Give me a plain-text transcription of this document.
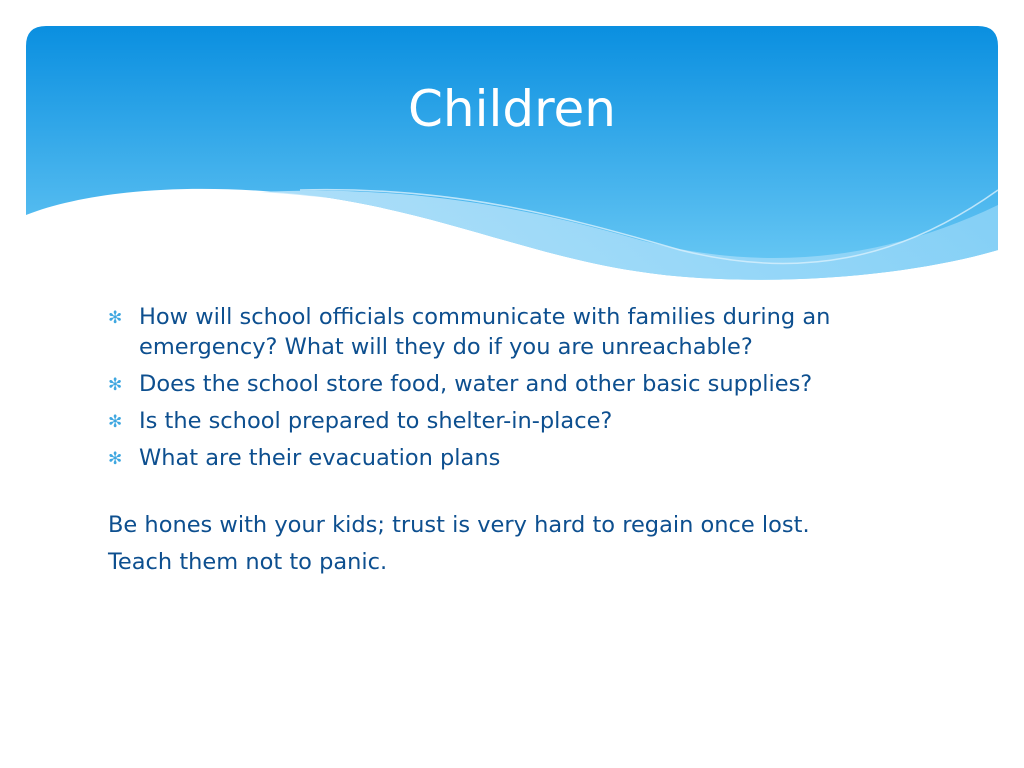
Children
✻ How will school officials communicate with families during an emergency? What will they do if you are unreachable?
✻ Does the school store food, water and other basic supplies?
✻ Is the school prepared to shelter-in-place?
✻ What are their evacuation plans

Be hones with your kids; trust is very hard to regain once lost.

Teach them not to panic.
